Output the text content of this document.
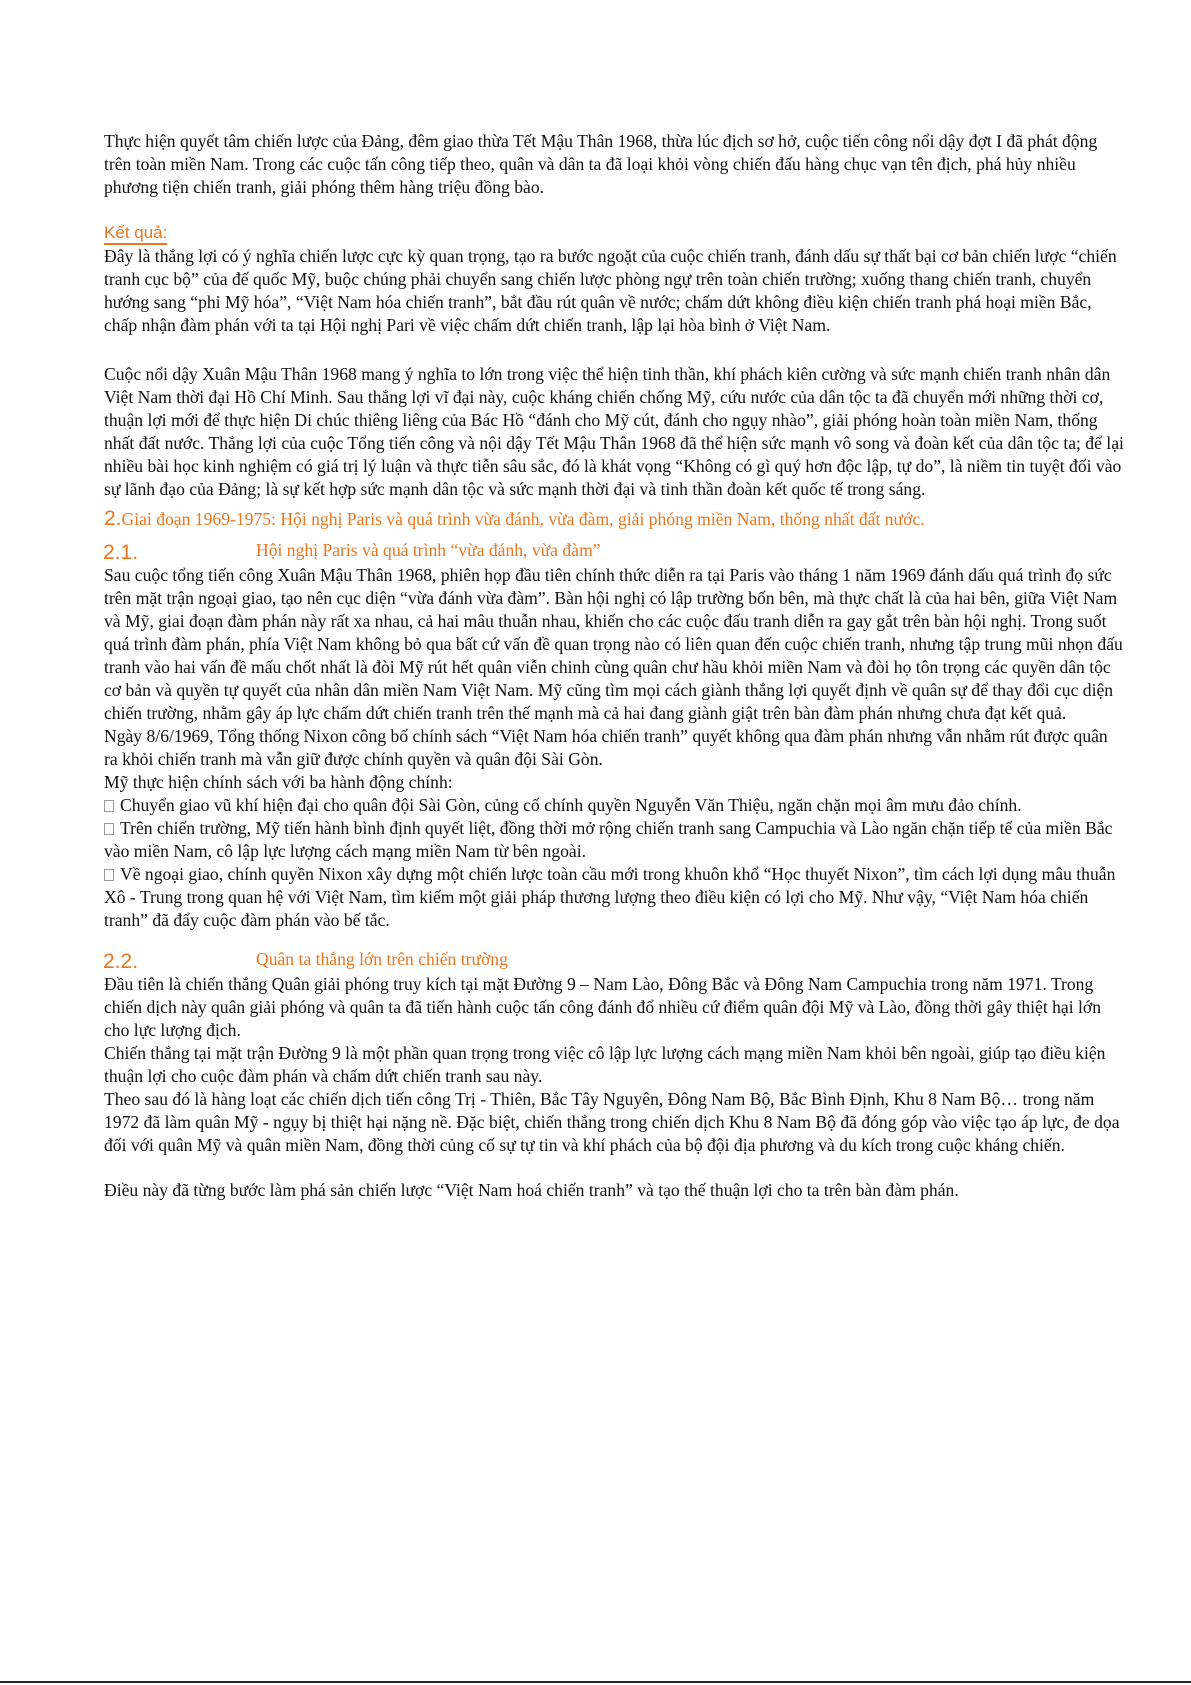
Thực hiện quyết tâm chiến lược của Đảng, đêm giao thừa Tết Mậu Thân 1968, thừa lúc địch sơ hở, cuộc tiến công nổi dậy đợt I đã phát động trên toàn miền Nam. Trong các cuộc tấn công tiếp theo, quân và dân ta đã loại khỏi vòng chiến đấu hàng chục vạn tên địch, phá hủy nhiều phương tiện chiến tranh, giải phóng thêm hàng triệu đồng bào.

Kết quả:

Đây là thắng lợi có ý nghĩa chiến lược cực kỳ quan trọng, tạo ra bước ngoặt của cuộc chiến tranh, đánh dấu sự thất bại cơ bản chiến lược “chiến tranh cục bộ” của đế quốc Mỹ, buộc chúng phải chuyển sang chiến lược phòng ngự trên toàn chiến trường; xuống thang chiến tranh, chuyển hướng sang “phi Mỹ hóa”, “Việt Nam hóa chiến tranh”, bắt đầu rút quân về nước; chấm dứt không điều kiện chiến tranh phá hoại miền Bắc, chấp nhận đàm phán với ta tại Hội nghị Pari về việc chấm dứt chiến tranh, lập lại hòa bình ở Việt Nam.

Cuộc nổi dậy Xuân Mậu Thân 1968 mang ý nghĩa to lớn trong việc thể hiện tinh thần, khí phách kiên cường và sức mạnh chiến tranh nhân dân Việt Nam thời đại Hồ Chí Minh. Sau thắng lợi vĩ đại này, cuộc kháng chiến chống Mỹ, cứu nước của dân tộc ta đã chuyển mới những thời cơ, thuận lợi mới để thực hiện Di chúc thiêng liêng của Bác Hồ “đánh cho Mỹ cút, đánh cho ngụy nhào”, giải phóng hoàn toàn miền Nam, thống nhất đất nước. Thắng lợi của cuộc Tổng tiến công và nội dậy Tết Mậu Thân 1968 đã thể hiện sức mạnh vô song và đoàn kết của dân tộc ta; để lại nhiều bài học kinh nghiệm có giá trị lý luận và thực tiễn sâu sắc, đó là khát vọng “Không có gì quý hơn độc lập, tự do”, là niềm tin tuyệt đối vào sự lãnh đạo của Đảng; là sự kết hợp sức mạnh dân tộc và sức mạnh thời đại và tinh thần đoàn kết quốc tế trong sáng.

2.Giai đoạn 1969-1975: Hội nghị Paris và quá trình vừa đánh, vừa đàm, giải phóng miền Nam, thống nhất đất nước.

2.1.	Hội nghị Paris và quá trình “vừa đánh, vừa đàm”

Sau cuộc tổng tiến công Xuân Mậu Thân 1968, phiên họp đầu tiên chính thức diễn ra tại Paris vào tháng 1 năm 1969 đánh dấu quá trình đọ sức trên mặt trận ngoại giao, tạo nên cục diện “vừa đánh vừa đàm”. Bàn hội nghị có lập trường bốn bên, mà thực chất là của hai bên, giữa Việt Nam và Mỹ, giai đoạn đàm phán này rất xa nhau, cả hai mâu thuẫn nhau, khiến cho các cuộc đấu tranh diễn ra gay gắt trên bàn hội nghị. Trong suốt quá trình đàm phán, phía Việt Nam không bỏ qua bất cứ vấn đề quan trọng nào có liên quan đến cuộc chiến tranh, nhưng tập trung mũi nhọn đấu tranh vào hai vấn đề mấu chốt nhất là đòi Mỹ rút hết quân viễn chinh cùng quân chư hầu khỏi miền Nam và đòi họ tôn trọng các quyền dân tộc cơ bản và quyền tự quyết của nhân dân miền Nam Việt Nam. Mỹ cũng tìm mọi cách giành thắng lợi quyết định về quân sự để thay đổi cục diện chiến trường, nhằm gây áp lực chấm dứt chiến tranh trên thế mạnh mà cả hai đang giành giật trên bàn đàm phán nhưng chưa đạt kết quả.

Ngày 8/6/1969, Tổng thống Nixon công bố chính sách “Việt Nam hóa chiến tranh” quyết không qua đàm phán nhưng vẫn nhằm rút được quân ra khỏi chiến tranh mà vẫn giữ được chính quyền và quân đội Sài Gòn.

Mỹ thực hiện chính sách với ba hành động chính:

Chuyển giao vũ khí hiện đại cho quân đội Sài Gòn, củng cố chính quyền Nguyễn Văn Thiệu, ngăn chặn mọi âm mưu đảo chính.

Trên chiến trường, Mỹ tiến hành bình định quyết liệt, đồng thời mở rộng chiến tranh sang Campuchia và Lào ngăn chặn tiếp tế của miền Bắc vào miền Nam, cô lập lực lượng cách mạng miền Nam từ bên ngoài.

Về ngoại giao, chính quyền Nixon xây dựng một chiến lược toàn cầu mới trong khuôn khổ “Học thuyết Nixon”, tìm cách lợi dụng mâu thuẫn Xô - Trung trong quan hệ với Việt Nam, tìm kiếm một giải pháp thương lượng theo điều kiện có lợi cho Mỹ. Như vậy, “Việt Nam hóa chiến tranh” đã đẩy cuộc đàm phán vào bế tắc.

2.2.	Quân ta thắng lớn trên chiến trường

Đầu tiên là chiến thắng Quân giải phóng truy kích tại mặt Đường 9 – Nam Lào, Đông Bắc và Đông Nam Campuchia trong năm 1971. Trong chiến dịch này quân giải phóng và quân ta đã tiến hành cuộc tấn công đánh đổ nhiều cứ điểm quân đội Mỹ và Lào, đồng thời gây thiệt hại lớn cho lực lượng địch.

Chiến thắng tại mặt trận Đường 9 là một phần quan trọng trong việc cô lập lực lượng cách mạng miền Nam khỏi bên ngoài, giúp tạo điều kiện thuận lợi cho cuộc đàm phán và chấm dứt chiến tranh sau này.

Theo sau đó là hàng loạt các chiến dịch tiến công Trị - Thiên, Bắc Tây Nguyên, Đông Nam Bộ, Bắc Bình Định, Khu 8 Nam Bộ… trong năm 1972 đã làm quân Mỹ - ngụy bị thiệt hại nặng nề. Đặc biệt, chiến thắng trong chiến dịch Khu 8 Nam Bộ đã đóng góp vào việc tạo áp lực, đe dọa đối với quân Mỹ và quân miền Nam, đồng thời củng cố sự tự tin và khí phách của bộ đội địa phương và du kích trong cuộc kháng chiến.

Điều này đã từng bước làm phá sản chiến lược “Việt Nam hoá chiến tranh” và tạo thế thuận lợi cho ta trên bàn đàm phán.
